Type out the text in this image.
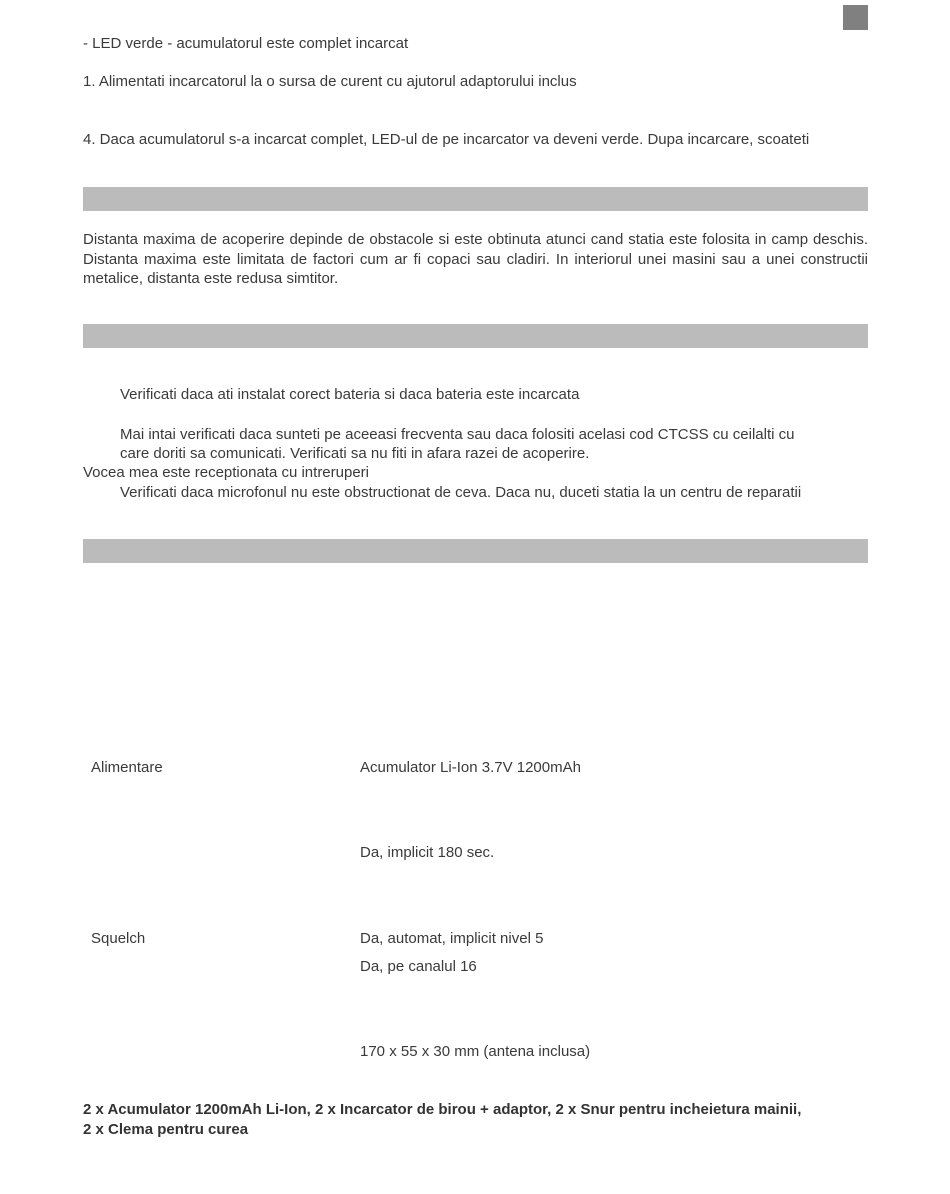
- LED verde - acumulatorul este complet incarcat
1. Alimentati incarcatorul la o sursa de curent cu ajutorul adaptorului inclus
4. Daca acumulatorul s-a incarcat complet, LED-ul de pe incarcator va deveni verde. Dupa incarcare, scoateti
Distanta maxima de acoperire depinde de obstacole si este obtinuta atunci cand statia este folosita in camp deschis. Distanta maxima este limitata de factori cum ar fi copaci sau cladiri. In interiorul unei masini sau a unei constructii metalice, distanta este redusa simtitor.
Verificati daca ati instalat corect bateria si daca bateria este incarcata
Mai intai verificati daca sunteti pe aceeasi frecventa sau daca folositi acelasi cod CTCSS cu ceilalti cu
care doriti sa comunicati. Verificati sa nu fiti in afara razei de acoperire.
Vocea mea este receptionata cu intreruperi
Verificati daca microfonul nu este obstructionat de ceva. Daca nu, duceti statia la un centru de reparatii
Alimentare	Acumulator Li-Ion 3.7V 1200mAh
Da, implicit 180 sec.
Squelch	Da, automat, implicit nivel 5
Da, pe canalul 16
170 x 55 x 30 mm (antena inclusa)
2 x Acumulator 1200mAh Li-Ion, 2 x Incarcator de birou + adaptor, 2 x Snur pentru incheietura mainii,
2 x Clema pentru curea
